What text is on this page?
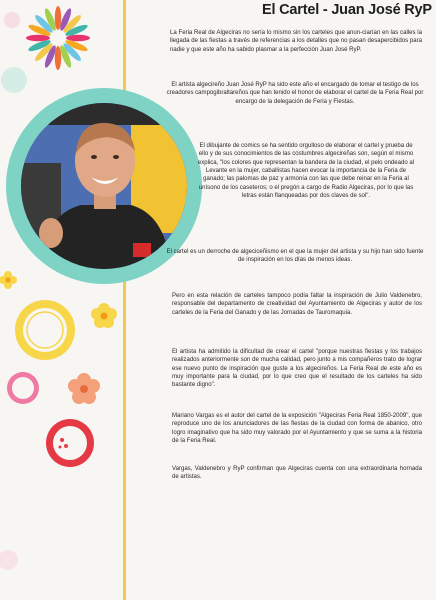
El Cartel - Juan José RyP

La Feria Real de Algeciras no sería lo mismo sin los carteles que anun-ciarían en las calles la llegada de las fiestas a través de referencias a los detalles que no pasan desapercibidos para nadie y que este año ha sabido plasmar a la perfección Juan José RyP.

El artista algecireño Juan José RyP ha sido este año el encargado de tomar el testigo de los creadores campogibraltareños que han tenido el honor de elaborar el cartel de la Feria Real por encargo de la delegación de Feria y Fiestas.

El dibujante de comics se ha sentido orgulloso de elaborar el cartel y prueba de ello y de sus conocimientos de las costumbres algecireñas son, según el mismo explica, "los colores que representan la bandera de la ciudad, el pelo ondeado al Levante en la mujer, caballistas hacen evocar la importancia de la Feria de ganado; las palomas de paz y armonía con las que debe reinar en la Feria al unísono de los caseteros; o el pregón a cargo de Radio Algeciras, por lo que las letras están flanqueadas por dos claves de sol".

El cartel es un derroche de algeciceñismo en el que la mujer del artista y su hijo han sido fuente de inspiración en los días de menos ideas.

Pero en esta relación de carteles tampoco podía faltar la inspiración de Julio Valdenebro, responsable del departamento de creatividad del Ayuntamiento de Algeciras y autor de los carteles de la Feria del Ganado y de las Jornadas de Tauromaquia.

El artista ha admitido la dificultad de crear el cartel "porque nuestras fiestas y los trabajos realizados anteriormente son de mucha calidad, pero junto a mis compañeros trato de lograr ese nuevo punto de inspiración que guste a los algecireños. La Feria Real de este año es muy importante para la ciudad, por lo que creo que el resultado de los carteles ha sido bastante digno".

Mariano Vargas es el autor del cartel de la exposición "Algeciras Feria Real 1850-2009", que reproduce uno de los anunciadores de las fiestas de la ciudad con forma de abanico, otro logro imaginativo que ha sido muy valorado por el Ayuntamiento y que se suma a la historia de la Feria Real.

Vargas, Valdenebro y RyP confirman que Algeciras cuenta con una extraordinaria hornada de artistas.
